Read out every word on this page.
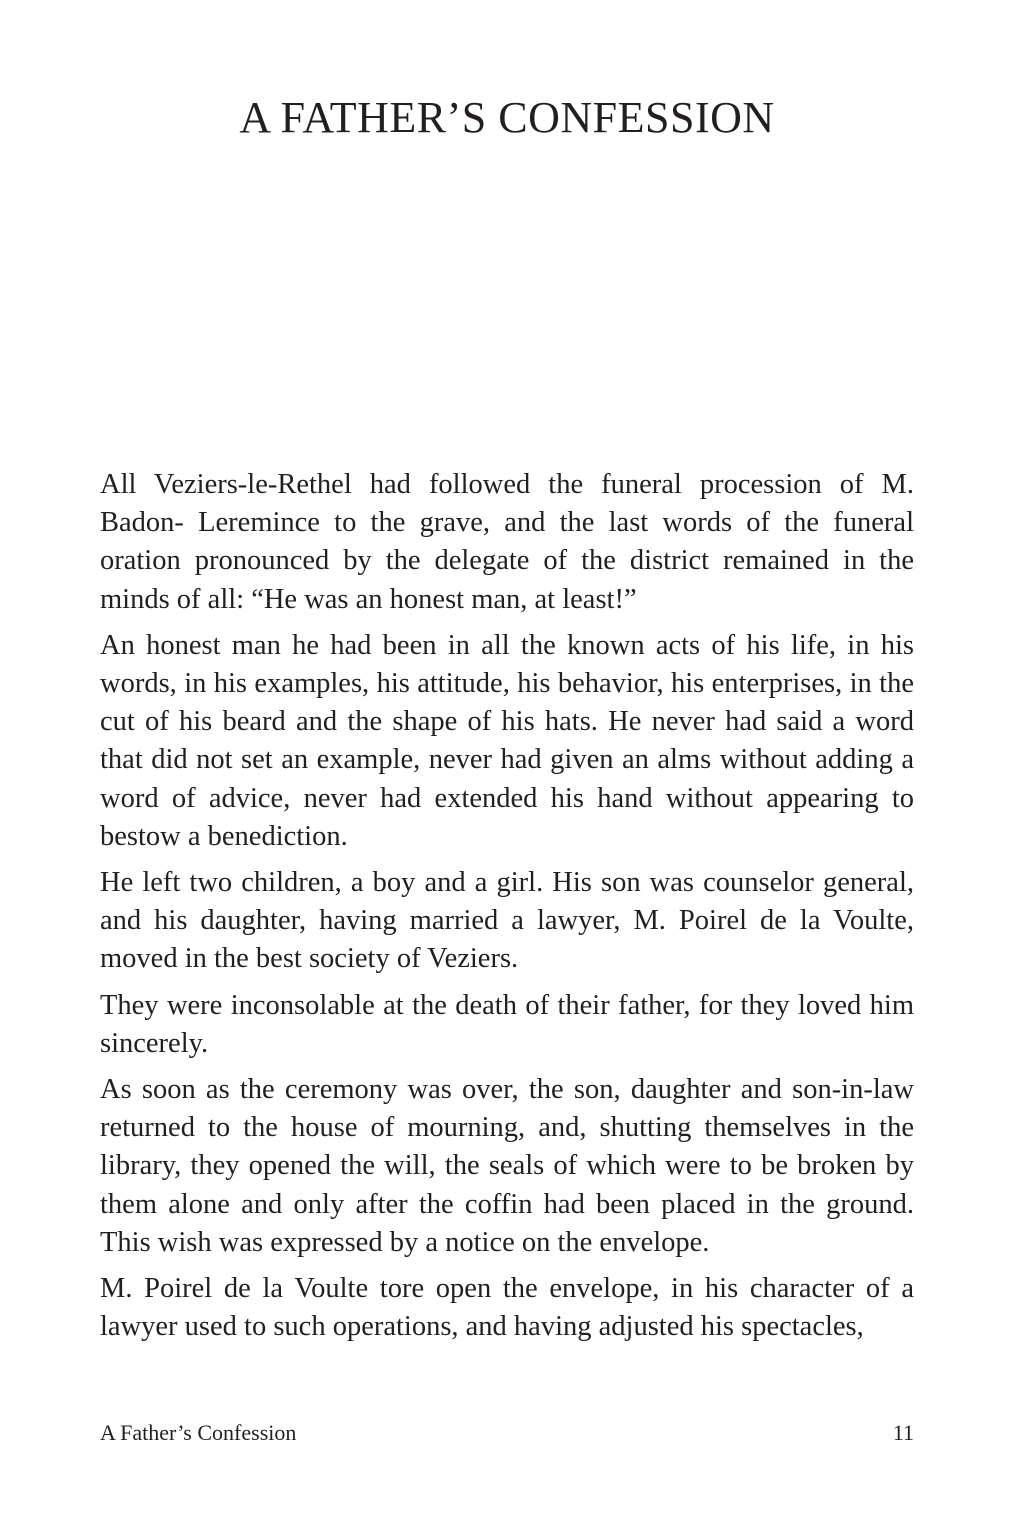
A FATHER’S CONFESSION

All Veziers-le-Rethel had followed the funeral procession of M. Badon- Leremince to the grave, and the last words of the funeral oration pronounced by the delegate of the district remained in the minds of all: “He was an honest man, at least!”

An honest man he had been in all the known acts of his life, in his words, in his examples, his attitude, his behavior, his enterprises, in the cut of his beard and the shape of his hats. He never had said a word that did not set an example, never had given an alms without adding a word of advice, never had extended his hand without appearing to bestow a benediction.

He left two children, a boy and a girl. His son was counselor general, and his daughter, having married a lawyer, M. Poirel de la Voulte, moved in the best society of Veziers.

They were inconsolable at the death of their father, for they loved him sincerely.

As soon as the ceremony was over, the son, daughter and son-in-law returned to the house of mourning, and, shutting themselves in the library, they opened the will, the seals of which were to be broken by them alone and only after the coffin had been placed in the ground. This wish was expressed by a notice on the envelope.

M. Poirel de la Voulte tore open the envelope, in his character of a lawyer used to such operations, and having adjusted his spectacles,

A Father’s Confession	11
